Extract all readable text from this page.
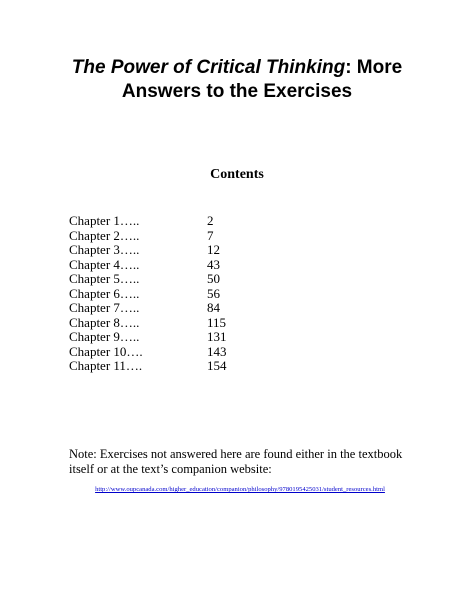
The Power of Critical Thinking: More
Answers to the Exercises
Contents
Chapter 1…..	2
Chapter 2…..	7
Chapter 3…..	12
Chapter 4…..	43
Chapter 5…..	50
Chapter 6…..	56
Chapter 7…..	84
Chapter 8…..	115
Chapter 9…..	131
Chapter 10….	143
Chapter 11….	154
Note: Exercises not answered here are found either in the textbook itself or at the text’s companion website:
http://www.oupcanada.com/higher_education/companion/philosophy/9780195425031/student_resources.html
